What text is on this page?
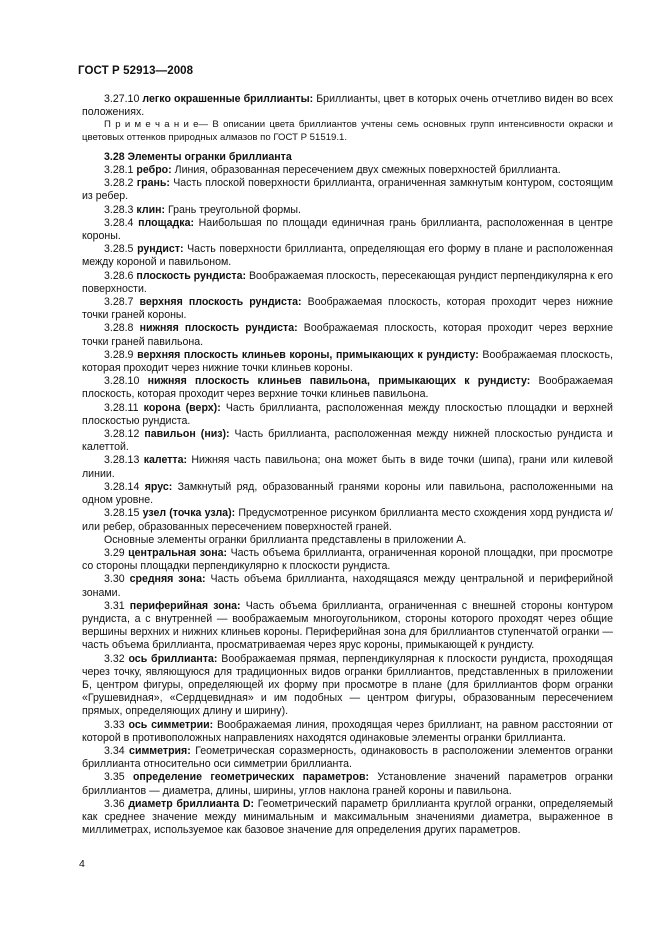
ГОСТ Р 52913—2008

3.27.10 легко окрашенные бриллианты: Бриллианты, цвет в которых очень отчетливо виден во всех положениях.

П р и м е ч а н и е— В описании цвета бриллиантов учтены семь основных групп интенсивности окраски и цветовых оттенков природных алмазов по ГОСТ Р 51519.1.

3.28 Элементы огранки бриллианта

3.28.1 ребро: Линия, образованная пересечением двух смежных поверхностей бриллианта.

3.28.2 грань: Часть плоской поверхности бриллианта, ограниченная замкнутым контуром, состоящим из ребер.

3.28.3 клин: Грань треугольной формы.

3.28.4 площадка: Наибольшая по площади единичная грань бриллианта, расположенная в центре короны.

3.28.5 рундист: Часть поверхности бриллианта, определяющая его форму в плане и расположенная между короной и павильоном.

3.28.6 плоскость рундиста: Воображаемая плоскость, пересекающая рундист перпендикулярна к его поверхности.

3.28.7 верхняя плоскость рундиста: Воображаемая плоскость, которая проходит через нижние точки граней короны.

3.28.8 нижняя плоскость рундиста: Воображаемая плоскость, которая проходит через верхние точки граней павильона.

3.28.9 верхняя плоскость клиньев короны, примыкающих к рундисту: Воображаемая плоскость, которая проходит через нижние точки клиньев короны.

3.28.10 нижняя плоскость клиньев павильона, примыкающих к рундисту: Воображаемая плоскость, которая проходит через верхние точки клиньев павильона.

3.28.11 корона (верх): Часть бриллианта, расположенная между плоскостью площадки и верхней плоскостью рундиста.

3.28.12 павильон (низ): Часть бриллианта, расположенная между нижней плоскостью рундиста и калеттой.

3.28.13 калетта: Нижняя часть павильона; она может быть в виде точки (шипа), грани или килевой линии.

3.28.14 ярус: Замкнутый ряд, образованный гранями короны или павильона, расположенными на одном уровне.

3.28.15 узел (точка узла): Предусмотренное рисунком бриллианта место схождения хорд рундиста и/или ребер, образованных пересечением поверхностей граней.

Основные элементы огранки бриллианта представлены в приложении А.

3.29 центральная зона: Часть объема бриллианта, ограниченная короной площадки, при просмотре со стороны площадки перпендикулярно к плоскости рундиста.

3.30 средняя зона: Часть объема бриллианта, находящаяся между центральной и периферийной зонами.

3.31 периферийная зона: Часть объема бриллианта, ограниченная с внешней стороны контуром рундиста, а с внутренней — воображаемым многоугольником, стороны которого проходят через общие вершины верхних и нижних клиньев короны. Периферийная зона для бриллиантов ступенчатой огранки — часть объема бриллианта, просматриваемая через ярус короны, примыкающей к рундисту.

3.32 ось бриллианта: Воображаемая прямая, перпендикулярная к плоскости рундиста, проходящая через точку, являющуюся для традиционных видов огранки бриллиантов, представленных в приложении Б, центром фигуры, определяющей их форму при просмотре в плане (для бриллиантов форм огранки «Грушевидная», «Сердцевидная» и им подобных — центром фигуры, образованным пересечением прямых, определяющих длину и ширину).

3.33 ось симметрии: Воображаемая линия, проходящая через бриллиант, на равном расстоянии от которой в противоположных направлениях находятся одинаковые элементы огранки бриллианта.

3.34 симметрия: Геометрическая соразмерность, одинаковость в расположении элементов огранки бриллианта относительно оси симметрии бриллианта.

3.35 определение геометрических параметров: Установление значений параметров огранки бриллиантов — диаметра, длины, ширины, углов наклона граней короны и павильона.

3.36 диаметр бриллианта D: Геометрический параметр бриллианта круглой огранки, определяемый как среднее значение между минимальным и максимальным значениями диаметра, выраженное в миллиметрах, используемое как базовое значение для определения других параметров.

4
